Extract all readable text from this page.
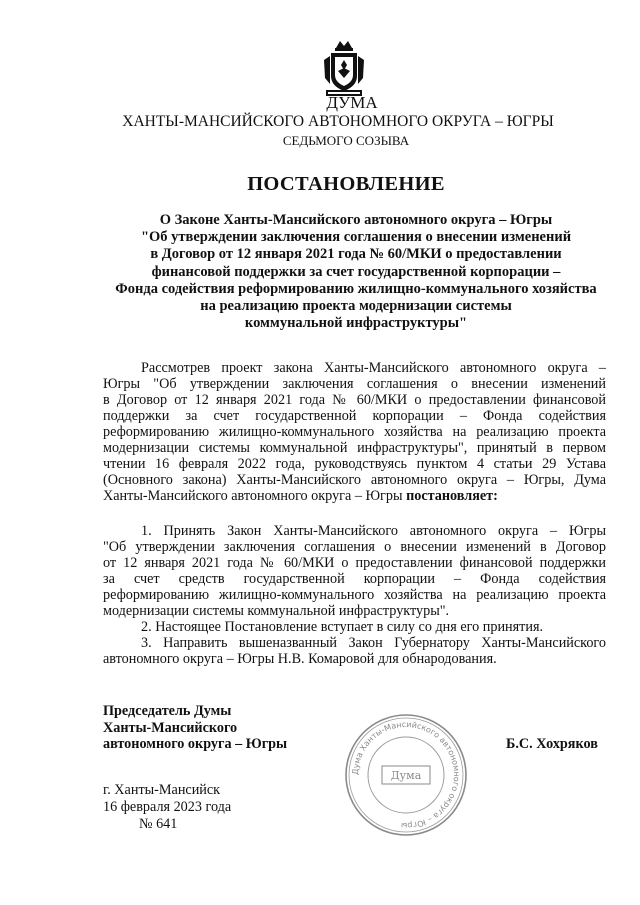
ДУМА
ХАНТЫ-МАНСИЙСКОГО АВТОНОМНОГО ОКРУГА – ЮГРЫ
СЕДЬМОГО СОЗЫВА
ПОСТАНОВЛЕНИЕ
О Законе Ханты-Мансийского автономного округа – Югры
"Об утверждении заключения соглашения о внесении изменений
в Договор от 12 января 2021 года № 60/МКИ о предоставлении
финансовой поддержки за счет государственной корпорации –
Фонда содействия реформированию жилищно-коммунального хозяйства
на реализацию проекта модернизации системы
коммунальной инфраструктуры"
Рассмотрев проект закона Ханты-Мансийского автономного округа –
Югры "Об утверждении заключения соглашения о внесении изменений
в Договор от 12 января 2021 года № 60/МКИ о предоставлении финансовой
поддержки за счет государственной корпорации – Фонда содействия
реформированию жилищно-коммунального хозяйства на реализацию проекта
модернизации системы коммунальной инфраструктуры", принятый в первом
чтении 16 февраля 2022 года, руководствуясь пунктом 4 статьи 29 Устава
(Основного закона) Ханты-Мансийского автономного округа – Югры, Дума
Ханты-Мансийского автономного округа – Югры постановляет:
1. Принять Закон Ханты-Мансийского автономного округа – Югры
"Об утверждении заключения соглашения о внесении изменений в Договор
от 12 января 2021 года № 60/МКИ о предоставлении финансовой поддержки
за счет средств государственной корпорации – Фонда содействия
реформированию жилищно-коммунального хозяйства на реализацию проекта
модернизации системы коммунальной инфраструктуры".
2. Настоящее Постановление вступает в силу со дня его принятия.
3. Направить вышеназванный Закон Губернатору Ханты-Мансийского
автономного округа – Югры Н.В. Комаровой для обнародования.
Председатель Думы
Ханты-Мансийского
автономного округа – Югры
Дума Ханты-Мансийского автономного округа – Югры
Дума
Б.С. Хохряков
г. Ханты-Мансийск
16 февраля 2023 года
№ 641
